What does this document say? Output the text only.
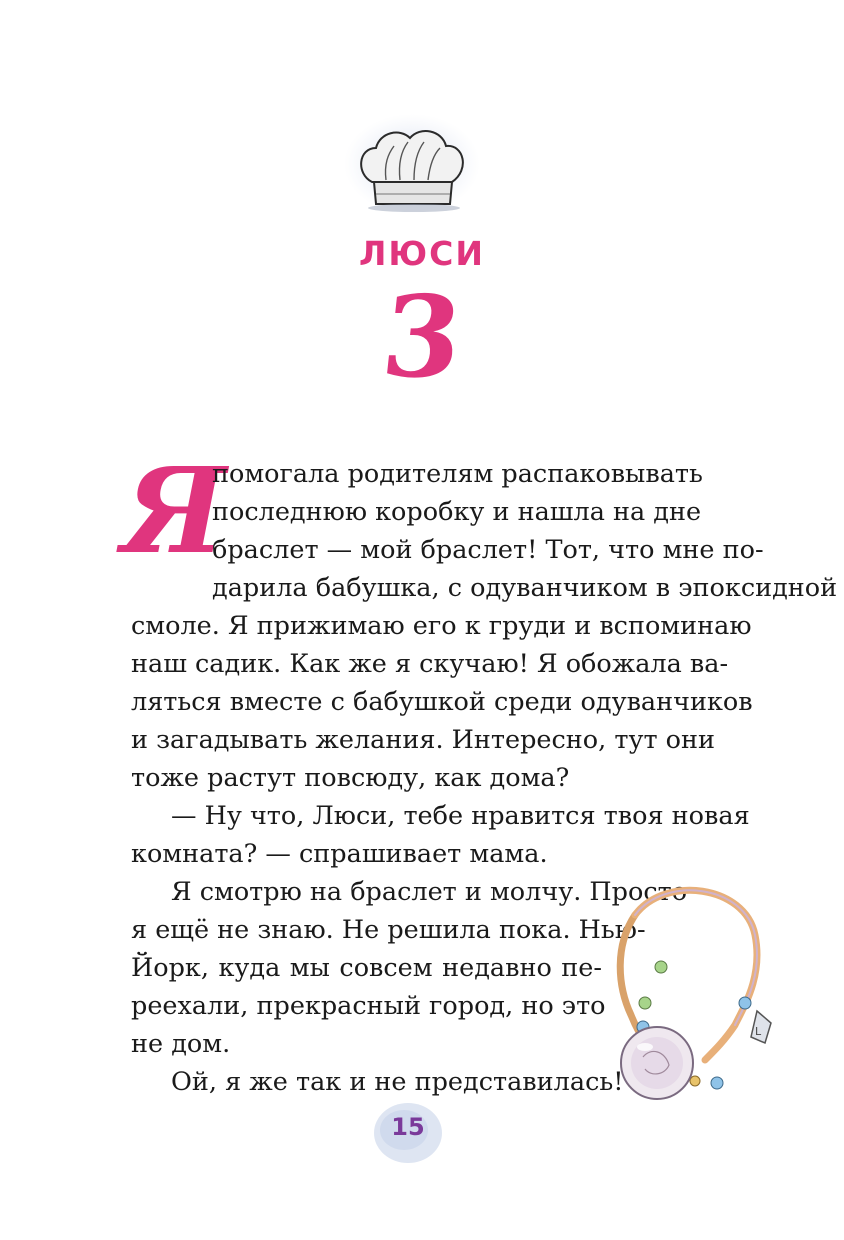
ЛЮСИ
3
Я
помогала родителям распаковывать
последнюю коробку и нашла на дне
браслет — мой браслет! Тот, что мне по-
дарила бабушка, с одуванчиком в эпоксидной
смоле. Я прижимаю его к груди и вспоминаю
наш садик. Как же я скучаю! Я обожала ва-
ляться вместе с бабушкой среди одуванчиков
и загадывать желания. Интересно, тут они
тоже растут повсюду, как дома?
— Ну что, Люси, тебе нравится твоя новая
комната? — спрашивает мама.
Я смотрю на браслет и молчу. Просто
я ещё не знаю. Не решила пока. Нью-
Йорк, куда мы совсем недавно пе-
реехали, прекрасный город, но это
не дом.
Ой, я же так и не представилась!
L
15
